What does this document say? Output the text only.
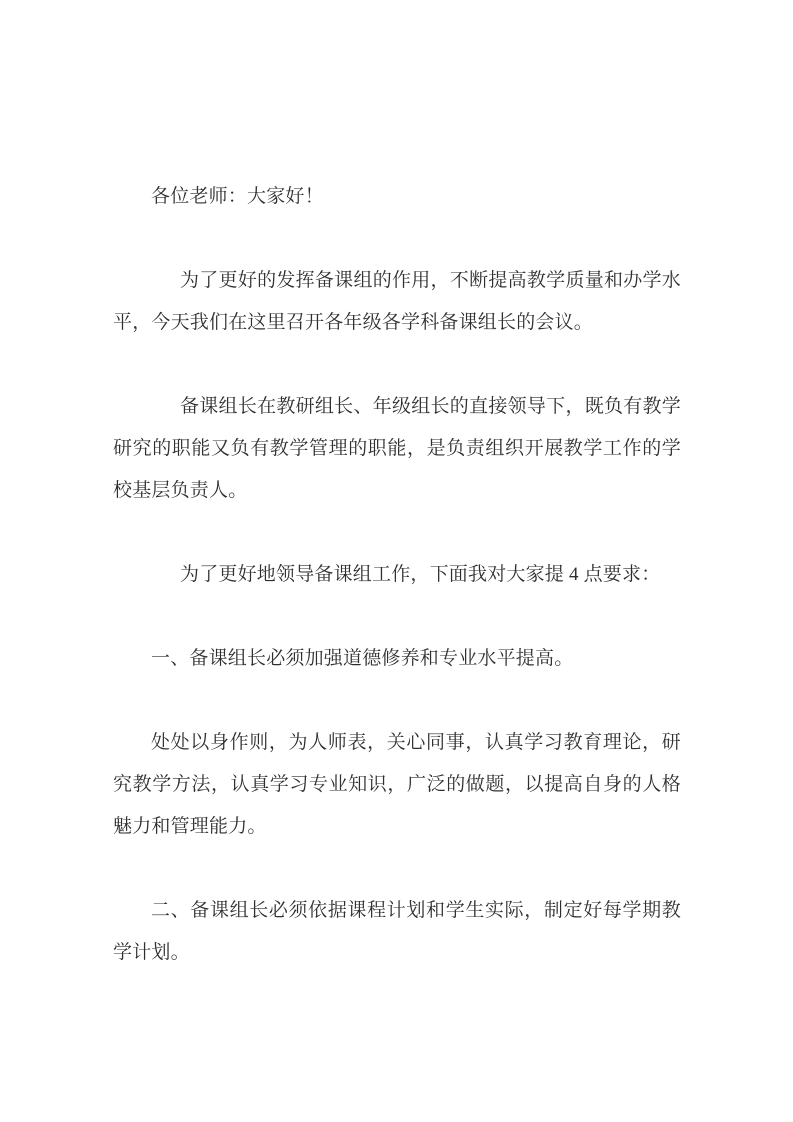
各位老师：大家好！

为了更好的发挥备课组的作用，不断提高教学质量和办学水平，今天我们在这里召开各年级各学科备课组长的会议。

备课组长在教研组长、年级组长的直接领导下，既负有教学研究的职能又负有教学管理的职能，是负责组织开展教学工作的学校基层负责人。

为了更好地领导备课组工作，下面我对大家提 4 点要求：

一、备课组长必须加强道德修养和专业水平提高。

处处以身作则，为人师表，关心同事，认真学习教育理论，研究教学方法，认真学习专业知识，广泛的做题，以提高自身的人格魅力和管理能力。

二、备课组长必须依据课程计划和学生实际，制定好每学期教学计划。
